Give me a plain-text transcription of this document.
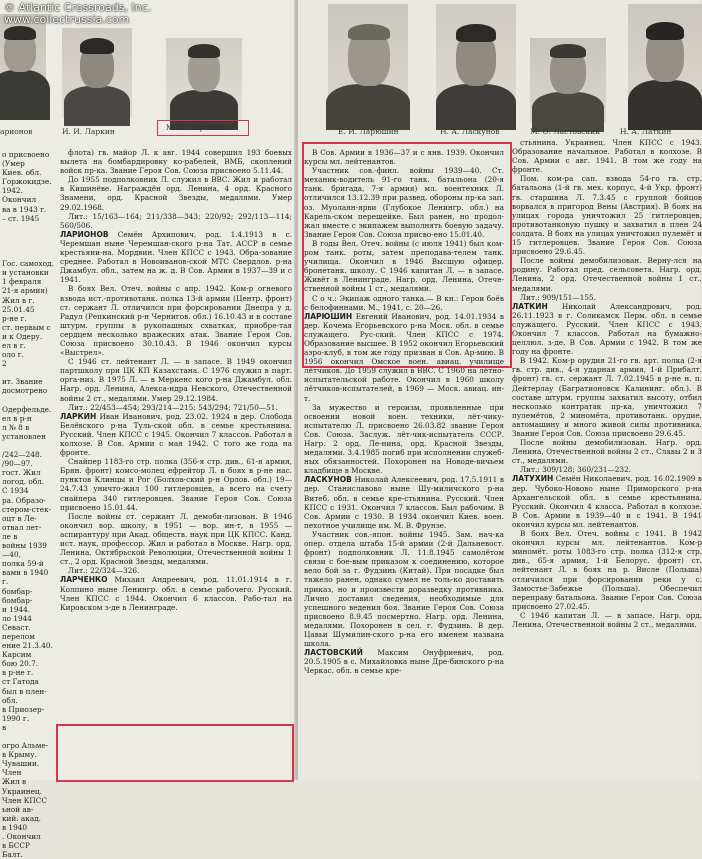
арионов	И. И. Ларкин	М. А. Ларченко
о присвоено
(Умер
Киев. обл.
Горжокидзе.
1942. Окончил
ва в 1943 г.
– ст. 1945

Гос. самоход.
и установки
1 февраля
21-я армия)
Жил в г.
25.01.45
р-не г.
ст. первым с
и к Одеру.
ел в г.
оло г.
2

ит. Звание
досмотрено

Одерфельде.
ел в р-н
л № 8 в
установлен

/242—248.
/90—97.
гост. Жил
логод. обл.
С 1934
ра. Образо-
стером-стек-
оцт в Ле-
отвал лет-
ле в
войны 1939—40,
полка 59-й
вами в 1940 г.
бомбар-
бомбар-
и 1944.
ло 1944
Севаст.
перелом
ение 21.3.40.
Карсим
бою 20.7.
в р-не г.
ст Гатода
был в плен-
обл.
в Приозер-
1990 г.
в

огро Альме-
в Крыму.
Чувашии. Член
Жил в
Украинец.
Член КПСС
ьной ав-
кий. акад.
в 1940
. Окончил
в БССР
Балт.

флота) гв. майор Л. к авг. 1944 совершил 193 боевых вылета на бомбардировку ко-рабелей, ВМБ, скоплений войск пр-ка. Звание Героя Сов. Союза присвоено 5.11.44.

До 1955 подполковник Л. служил в ВВС. Жил и работал в Кишинёве. Награждён орд. Ленина, 4 орд. Красного Знамени, орд. Красной Звезды, медалями. Умер 29.02.1968.

Лит.: 15/163—164; 211/338—343; 220/92; 292/113—114; 560/506.

ЛАРИОНОВ Семён Архипович, род. 1.4.1913 в с. Черемшан ныне Черемшан-ского р-на Тат. АССР в семье крестьяни-на. Мордвин. Член КПСС с 1943. Обра-зование среднее. Работал в Новоиванов-ской МТС Свердлов. р-на Джамбул. обл., затем на ж. д. В Сов. Армии в 1937—39 и с 1941.

В боях Вел. Отеч. войны с апр. 1942. Ком-р огневого взвода ист.-противотанк. полка 13-й армии (Центр. фронт) ст. сержант Л. отличился при форсировании Днепра у д. Радул (Репкинский р-н Чернигов. обл.) 16.10.43 и в составе штурм. группы в рукопашных схватках, приобре-тая сердцем несколько вражеских атак. Звание Героя Сов. Союза присвоено 30.10.43. В 1946 окончил курсы «Выстрел».

С 1946 ст. лейтенант Л. — в запасе. В 1949 окончил партшколу при ЦК КП Казахстана. С 1976 служил в парт. орга-низ. В 1975 Л. — в Меркенс кого р-на Джамбул. обл. Нагр. орд. Ленина, Алекса-ндра Невского, Отечественной войны 2 ст., медалями. Умер 29.12.1984.

Лит.: 22/453—454; 293/214—215; 543/294; 721/50—51.

ЛАРКИН Иван Иванович, род. 23.02. 1924 в дер. Слобода Белёвского р-на Туль-ской обл. в семье крестьянина. Русский. Член КПСС с 1945. Окончил 7 классов. Работал в колхозе. В Сов. Армии с мая 1942. С того же года на фронте.

Снайпер 1183-го стр. полка (356-я стр. див., 61-я армия, Брян. фронт) комсо-молец ефрейтор Л. в боях в р-не нас. пунктов Клинцы и Рог (Болхов-ский р-н Орлов. обл.) 19—24.7.43 уничто-жил 100 гитлеровцев, а всего на счету снайпера 340 гитлеровцев. Звание Героя Сов. Союза присвоено 15.01.44.

После войны ст. сержант Л. демоби-лизован. В 1946 окончил вор. школу, в 1951 — вор. ин-т, в 1955 — аспирантуру при Акад. обществ. наук при ЦК КПСС. Канд. ист. наук, профессор. Жил и работал в Москве. Нагр. орд. Ленина, Октябрьской Революции, Отечественной войны 1 ст., 2 орд. Красной Звезды, медалями.

Лит.: 22/324—326.

ЛАРЧЕНКО Михаил Андреевич, род. 11.01.1914 в г. Колпино ныне Ленингр. обл. в семье рабочего. Русский. Член КПСС с 1944. Окончил 6 классов. Рабо-тал на Кировском з-де в Ленинграде.

Е. И. Ларюшин	Н. А. Ласкунов	М. О. Ластовский	Н. А. Латкин

В Сов. Армии в 1936—37 и с янв. 1939. Окончил курсы мл. лейтенантов.

Участник сов.-финл. войны 1939—40. Ст. механик-водитель 91-го танк. батальона (20-я танк. бригада, 7-я армия) мл. воентехник Л. отличился 13.12.39 при развед. обороны пр-ка зап. оз. Муолаян-ярви (Глубокое Ленингр. обл.) на Карель-ском перешейке. Был ранен, но продол-жал вместе с экипажем выполнять боевую задачу. Звание Героя Сов. Союза присво-ено 15.01.40.

В годы Вел. Отеч. войны (с июля 1941) был ком-ром танк. роты, затем преподава-телем танк. училища. Окончил в 1946 Высшую офицер. бронетанк. школу. С 1946 капитан Л. — в запасе. Живёт в Ленинграде. Нагр. орд. Ленина, Отече-ственной войны 1 ст., медалями.

С о ч.: Экипаж одного танка.— В кн.: Герои боёв с белофиннами. М., 1941, с. 20—26.

ЛАРЮШИН Евгений Иванович, род. 14.01.1934 в дер. Кочема Егорьевского р-на Моск. обл. в семье служащего. Рус-ский. Член КПСС с 1974. Образование высшее. В 1952 окончил Егорьевский аэро-клуб, в том же году призван в Сов. Ар-мию. В 1956 окончил Омское воен. авиац. училище лётчиков. До 1959 служил в ВВС. С 1960 на лётно-испытательской работе. Окончил в 1960 школу лётчиков-испытателей, в 1969 — Моск. авиац. ин-т.

За мужество и героизм, проявленные при освоении новой воен. техники, лёт-чику-испытателю Л. присвоено 26.03.82 звание Героя Сов. Союза. Заслуж. лёт-чик-испытатель СССР. Нагр. 2 орд. Ле-нина, орд. Красной Звезды, медалями. 3.4.1985 погиб при исполнении служеб-ных обязанностей. Похоронен на Новоде-вичьем кладбище в Москве.

ЛАСКУНОВ Николай Алексеевич, род. 17.5.1911 в дер. Станиславово ныне Шу-миличского р-на Витеб. обл. в семье кре-стьянина. Русский. Член КПСС с 1931. Окончил 7 классов. Был рабочим. В Сов. Армии с 1930. В 1934 окончил Киев. воен. пехотное училище им. М. В. Фрунзе.

Участник сов.-япон. войны 1945. Зам. нач-ка опер. отдела штаба 15-й армии (2-й Дальневост. фронт) подполковник Л. 11.8.1945 самолётом связи с бое-вым приказом к соединению, которое вело бой за г. Фудзинь (Китай). При посадке был тяжело ранен, однако сумел не толь-ко доставить приказ, но и произвести доразведку противника. Лично доставил сведения, необходимые для успешного ведения боя. Звание Героя Сов. Союза присвоено 8.9.45 посмертно. Нагр. орд. Ленина, медалями. Похоронен в сел. г. Фудзинь. В дер. Цавьи Шумилин-ского р-на его именем названа школа.

ЛАСТОВСКИЙ Максим Онуфриевич, род. 20.5.1905 в с. Михайловка ныне Дре-бинского р-на Черкас. обл. в семье кре-

стьянина. Украинец. Член КПСС с 1943. Образование начальное. Работал в колхозе. В Сов. Армии с авг. 1941. В том же году на фронте.

Пом. ком-ра сап. взвода 54-го гв. стр. батальона (1-й гв. мех. корпус, 4-й Укр. фронт) гв. старшина Л. 7.3.45 с группой бойцов ворвался в пригород Вены (Австрия). В боях на улицах города уничтожил 25 гитлеровцев, противотанковую пушку и захватил в плен 24 солдата. В боях на улицах уничтожил пулемёт и 15 гитлеровцев. Звание Героя Сов. Союза присвоено 29.6.45.

После войны демобилизован. Верну-лся на родину. Работал пред. сельсовета. Нагр. орд. Ленина, 2 орд. Отечественной войны 1 ст., медалями.

Лит.: 909/151—155.

ЛАТКИН Николай Александрович, род. 26.11.1923 в г. Соликамск Перм. обл. в семье служащего. Русский. Член КПСС с 1943. Окончил 7 классов. Работал на бумажно-целлюл. з-де. В Сов. Армии с 1942. В том же году на фронте.

В 1942. Ком-р орудия 21-го гв. арт. полка (2-я гв. стр. див., 4-я ударная армия, 1-й Прибалт. фронт) гв. ст. сержант Л. 7.02.1945 в р-не н. п. Дейтерлау (Багратионовск Калининг. обл.). В составе штурм. группы захватил высоту, отбил несколько контратак пр-ка, уничтожил 7 пулемётов, 2 миномёта, противотанк. орудие, автомашину и много живой силы противника. Звание Героя Сов. Союза присвоено 29.6.45.

После войны демобилизован. Нагр. орд. Ленина, Отечественной войны 2 ст., Славы 2 и 3 ст., медалями.

Лит.: 309/128; 360/231—232.

ЛАТУХИН Семён Николаевич, род. 16.02.1909 в дер. Чубоко-Новово ныне Приморского р-на Архангельской обл. в семье крестьянина. Русский. Окончил 4 класса. Работал в колхозе. В Сов. Армии в 1939—40 и с 1941. В 1941 окончил курсы мл. лейтенантов.

В боях Вел. Отеч. войны с 1941. В 1942 окончил курсы мл. лейтенантов. Ком-р миномёт. роты 1083-го стр. полка (312-я стр. див., 65-я армия, 1-й Белорус. фронт) ст. лейтенант Л. в боях на р. Висле (Польша) отличился при форсировании реки у с. Замостье-Забежье (Польша). Обеспечил переправу батальона. Звание Героя Сов. Союза присвоено 27.02.45.

С 1946 капитан Л. — в запасе. Нагр. орд. Ленина, Отечественной войны 2 ст., медалями.

© Atlantic Crossroads, Inc.
www.collectrussia.com
